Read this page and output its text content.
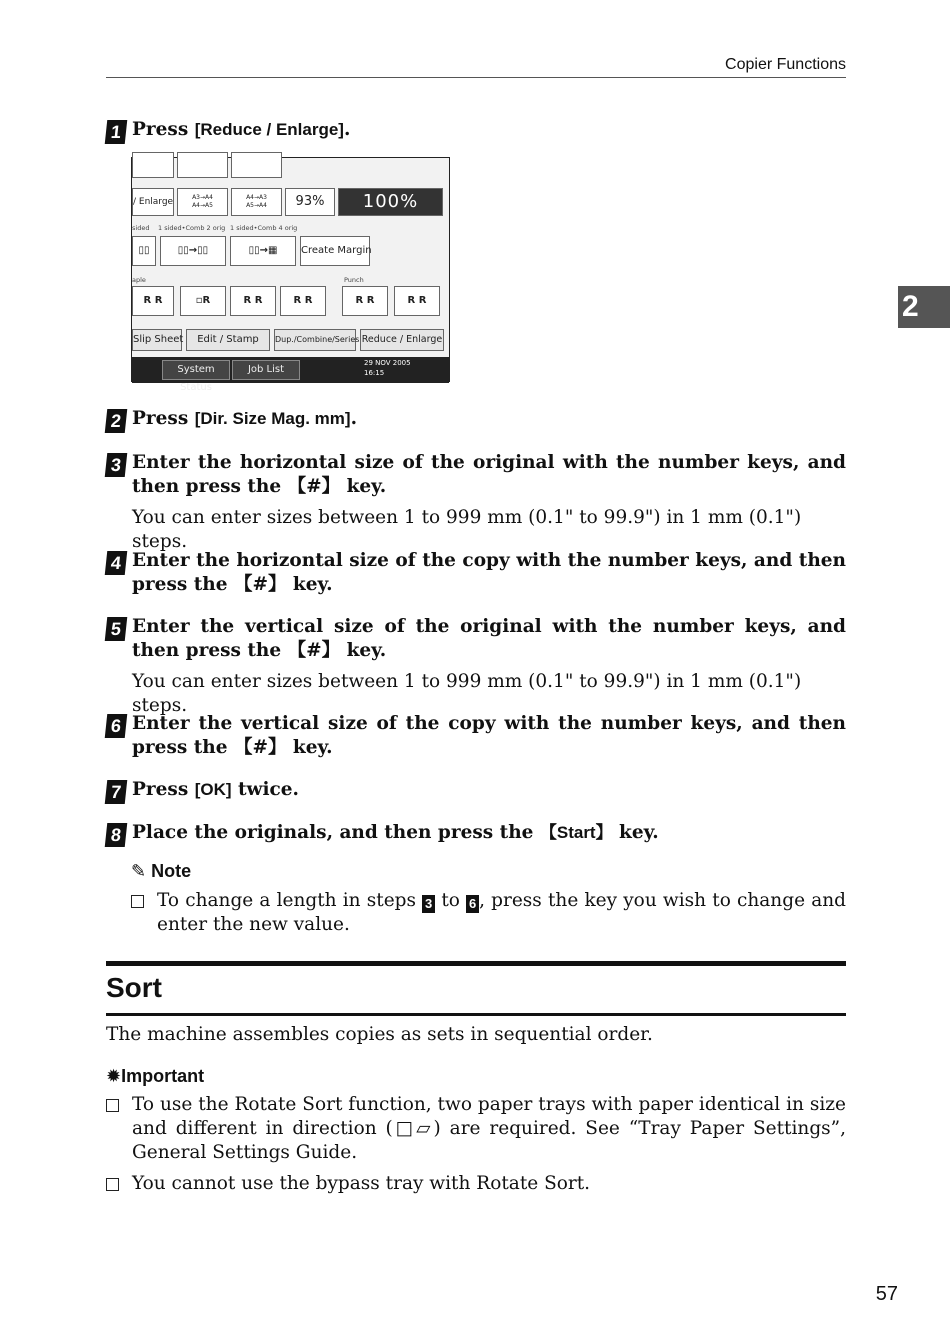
Copier Functions
2
1 Press [Reduce / Enlarge].
/ Enlarge	A3→A4
A4→A5
A4→A3
A5→A4	93%	100%
sided 1 sided•Comb 2 orig 1 sided•Comb 4 orig
▯▯	▯▯→▯▯	▯▯→▦	Create Margin
aple	Punch
R R	▫R	R R	R R	R R	R R
Slip Sheet	Edit / Stamp	Dup./Combine/Series Reduce / Enlarge
System Status
Job List
29 NOV 2005
16:15
2 Press [Dir. Size Mag. mm].
3 Enter the horizontal size of the original with the number keys, and then press the 【#】 key.
You can enter sizes between 1 to 999 mm (0.1" to 99.9") in 1 mm (0.1") steps.
4 Enter the horizontal size of the copy with the number keys, and then press the 【#】 key.
5 Enter the vertical size of the original with the number keys, and then press the 【#】 key.
You can enter sizes between 1 to 999 mm (0.1" to 99.9") in 1 mm (0.1") steps.
6 Enter the vertical size of the copy with the number keys, and then press the 【#】 key.
7 Press [OK] twice.
8 Place the originals, and then press the 【Start】 key.
✎ Note
To change a length in steps 3 to 6 , press the key you wish to change and enter the new value.
Sort
The machine assembles copies as sets in sequential order.
✹Important
To use the Rotate Sort function, two paper trays with paper identical in size and different in direction (□▱) are required. See “Tray Paper Settings”, General Settings Guide.
You cannot use the bypass tray with Rotate Sort.
57
